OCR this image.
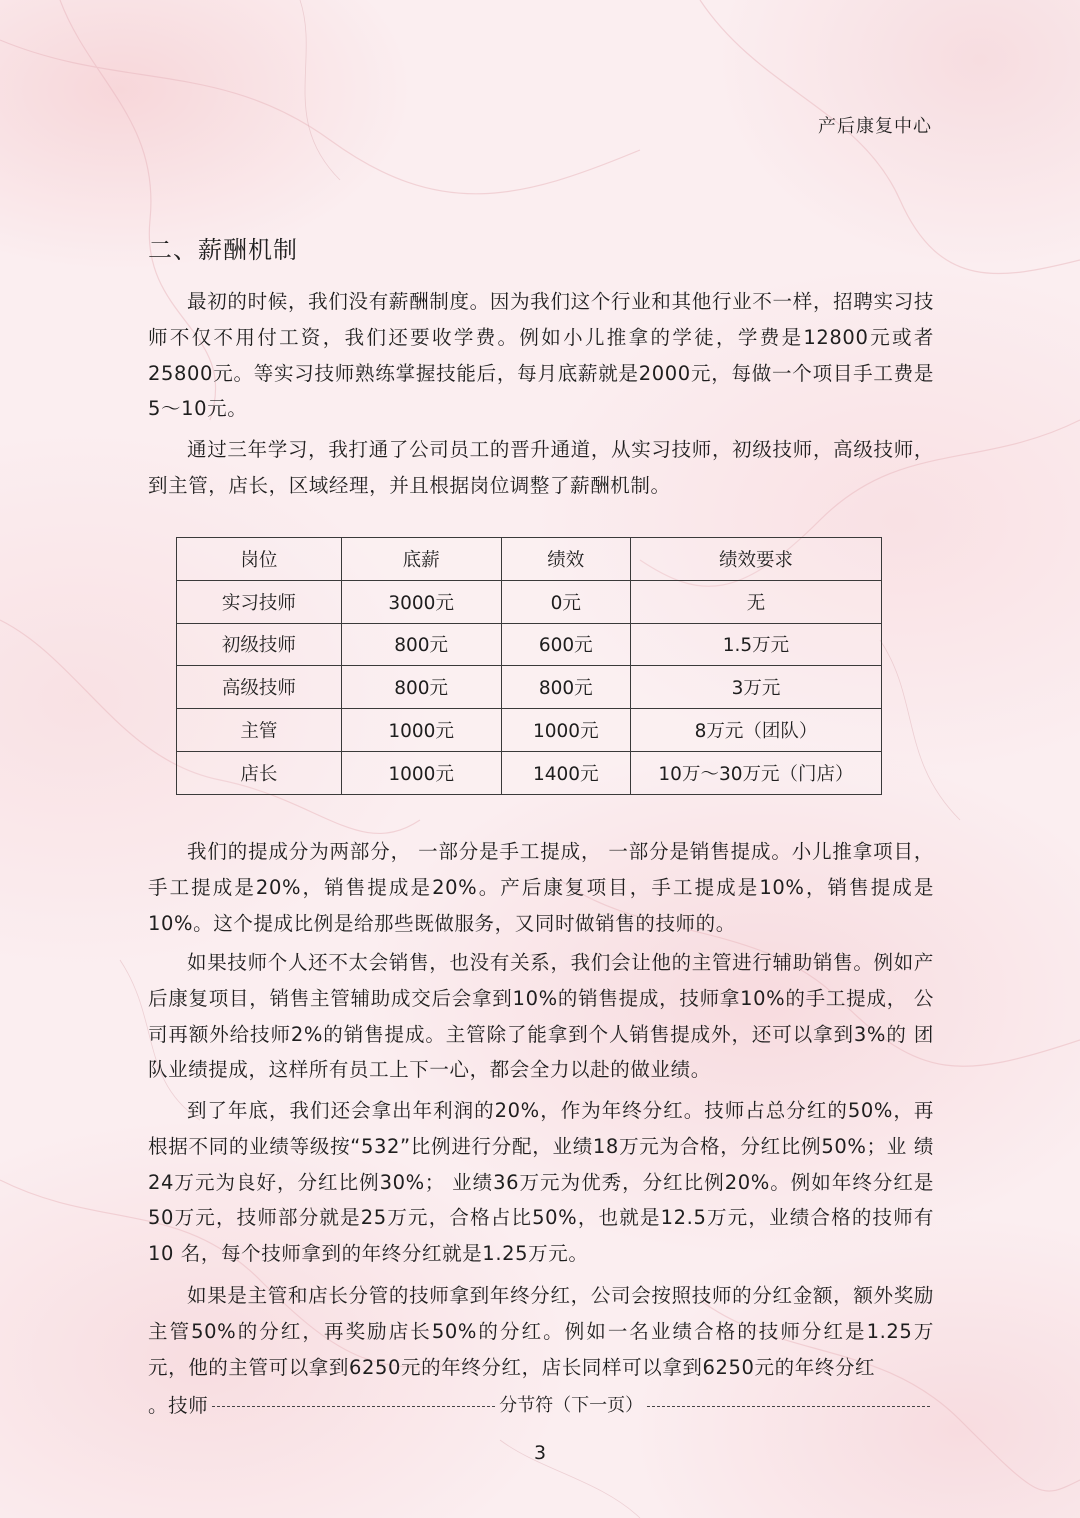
产后康复中心
二、薪酬机制

最初的时候，我们没有薪酬制度。因为我们这个行业和其他行业不一样，招聘实习技师不仅不用付工资，我们还要收学费。例如小儿推拿的学徒，学费是12800元或者 25800元。等实习技师熟练掌握技能后，每月底薪就是2000元，每做一个项目手工费是 5～10元。

通过三年学习，我打通了公司员工的晋升通道，从实习技师，初级技师，高级技师，到主管，店长，区域经理，并且根据岗位调整了薪酬机制。

岗位	底薪	绩效	绩效要求
实习技师	3000元	0元	无
初级技师	800元	600元	1.5万元
高级技师	800元	800元	3万元
主管	1000元	1000元	8万元（团队）
店长	1000元	1400元	10万～30万元（门店）

我们的提成分为两部分， 一部分是手工提成， 一部分是销售提成。小儿推拿项目，手工提成是20%，销售提成是20%。产后康复项目，手工提成是10%，销售提成是 10%。这个提成比例是给那些既做服务，又同时做销售的技师的。

如果技师个人还不太会销售，也没有关系，我们会让他的主管进行辅助销售。例如产后康复项目，销售主管辅助成交后会拿到10%的销售提成，技师拿10%的手工提成， 公司再额外给技师2%的销售提成。主管除了能拿到个人销售提成外，还可以拿到3%的 团队业绩提成，这样所有员工上下一心，都会全力以赴的做业绩。

到了年底，我们还会拿出年利润的20%，作为年终分红。技师占总分红的50%，再 根据不同的业绩等级按“532”比例进行分配，业绩18万元为合格，分红比例50%；业 绩24万元为良好，分红比例30%； 业绩36万元为优秀，分红比例20%。例如年终分红是 50万元，技师部分就是25万元，合格占比50%，也就是12.5万元，业绩合格的技师有10 名，每个技师拿到的年终分红就是1.25万元。

如果是主管和店长分管的技师拿到年终分红，公司会按照技师的分红金额，额外奖励主管50%的分红，再奖励店长50%的分红。例如一名业绩合格的技师分红是1.25万 元，他的主管可以拿到6250元的年终分红，店长同样可以拿到6250元的年终分红

。技师	分节符（下一页）
3
